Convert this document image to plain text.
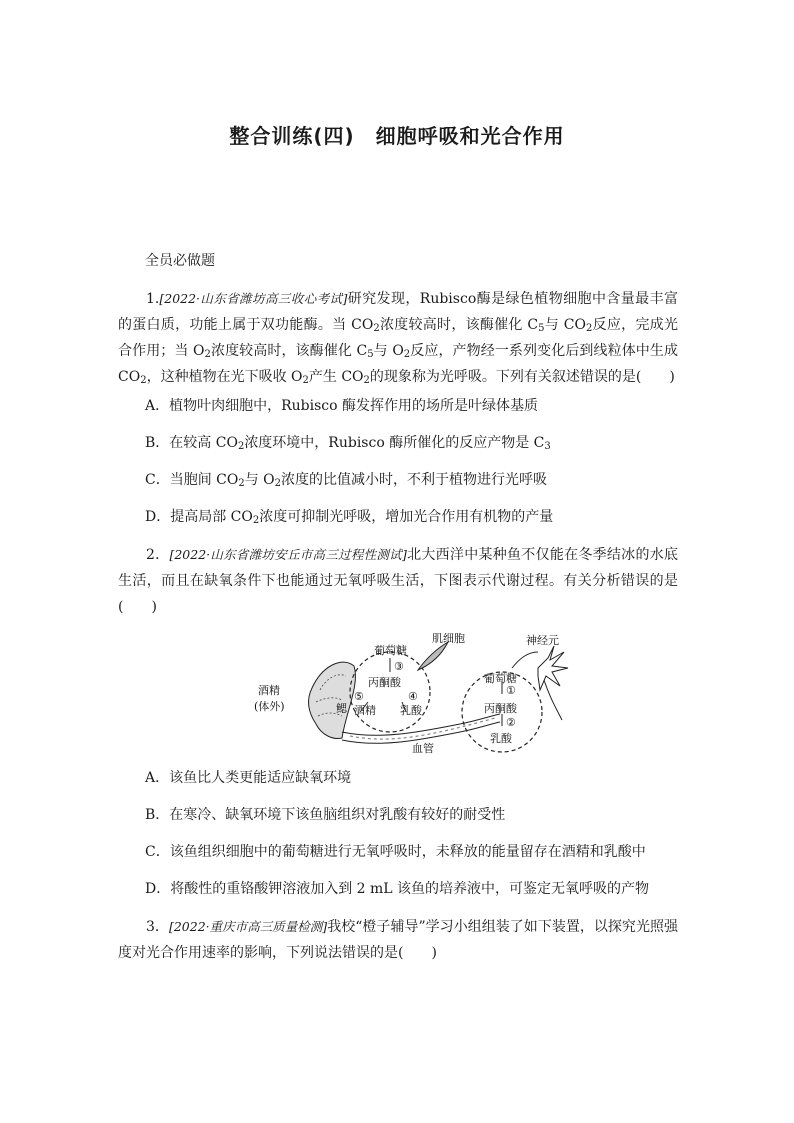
整合训练(四)　细胞呼吸和光合作用
全员必做题
1.[2022·山东省潍坊高三收心考试]研究发现，Rubisco酶是绿色植物细胞中含量最丰富的蛋白质，功能上属于双功能酶。当 $CO_2$浓度较高时，该酶催化 $C_5$与 $CO_2$反应，完成光合作用；当 $O_2$浓度较高时，该酶催化 $C_5$与 $O_2$反应，产物经一系列变化后到线粒体中生成 $CO_2$，这种植物在光下吸收 $O_2$产生 $CO_2$的现象称为光呼吸。下列有关叙述错误的是(　　)
A．植物叶肉细胞中，Rubisco 酶发挥作用的场所是叶绿体基质
B．在较高 $CO_2$浓度环境中，Rubisco 酶所催化的反应产物是 $C_3$
C．当胞间 $CO_2$与 $O_2$浓度的比值减小时，不利于植物进行光呼吸
D．提高局部 $CO_2$浓度可抑制光呼吸，增加光合作用有机物的产量
2．[2022·山东省潍坊安丘市高三过程性测试]北大西洋中某种鱼不仅能在冬季结冰的水底生活，而且在缺氧条件下也能通过无氧呼吸生活，下图表示代谢过程。有关分析错误的是(　　)
肌细胞	神经元
葡萄糖
③
丙酮酸
⑤	④
酒精 乳酸
鳃
酒精
(体外)
血管
葡萄糖
①
丙酮酸
②
乳酸
A．该鱼比人类更能适应缺氧环境
B．在寒冷、缺氧环境下该鱼脑组织对乳酸有较好的耐受性
C．该鱼组织细胞中的葡萄糖进行无氧呼吸时，未释放的能量留存在酒精和乳酸中
D．将酸性的重铬酸钾溶液加入到 2 mL 该鱼的培养液中，可鉴定无氧呼吸的产物
3．[2022·重庆市高三质量检测]我校“橙子辅导”学习小组组装了如下装置，以探究光照强度对光合作用速率的影响，下列说法错误的是(　　)
